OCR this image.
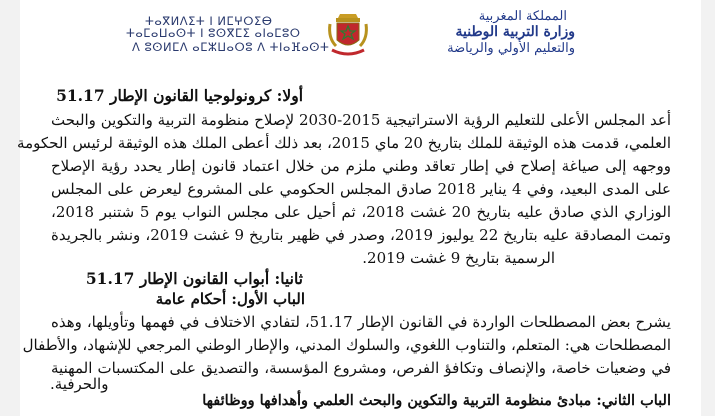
ⵜⴰⴳⵍⴷⵉⵜ ⵏ ⵍⵎⵖⵔⵉⴱ
ⵜⴰⵎⴰⵡⴰⵙⵜ ⵏ ⵓⵙⴳⵎⵉ ⴰⵏⴰⵎⵓⵔ
ⴷ ⵓⵙⵍⵎⴷ ⴰⵎⵣⵡⴰⵔⵓ ⴷ ⵜⵏⴰⴼⴰⵙⵜ
المملكة المغربية
وزارة التربية الوطنية
والتعليم الأولي والرياضة
أولا: كرونولوجيا القانون الإطار 51.17
أعد المجلس الأعلى للتعليم الرؤية الاستراتيجية 2015-2030 لإصلاح منظومة التربية والتكوين والبحث
العلمي، قدمت هذه الوثيقة للملك بتاريخ 20 ماي 2015، بعد ذلك أعطى الملك هذه الوثيقة لرئيس الحكومة
ووجهه إلى صياغة إصلاح في إطار تعاقد وطني ملزم من خلال اعتماد قانون إطار يحدد رؤية الإصلاح
على المدى البعيد، وفي 4 يناير 2018 صادق المجلس الحكومي على المشروع ليعرض على المجلس
الوزاري الذي صادق عليه بتاريخ 20 غشت 2018، ثم أحيل على مجلس النواب يوم 5 شتنبر 2018،
وتمت المصادقة عليه بتاريخ 22 يوليوز 2019، وصدر في ظهير بتاريخ 9 غشت 2019، ونشر بالجريدة
الرسمية بتاريخ 9 غشت 2019.
ثانيا: أبواب القانون الإطار 51.17
الباب الأول: أحكام عامة
يشرح بعض المصطلحات الواردة في القانون الإطار 51.17، لتفادي الاختلاف في فهمها وتأويلها، وهذه
المصطلحات هي: المتعلم، والتناوب اللغوي، والسلوك المدني، والإطار الوطني المرجعي للإشهاد، والأطفال
في وضعيات خاصة، والإنصاف وتكافؤ الفرص، ومشروع المؤسسة، والتصديق على المكتسبات المهنية
والحرفية.
الباب الثاني: مبادئ منظومة التربية والتكوين والبحث العلمي وأهدافها ووظائفها
